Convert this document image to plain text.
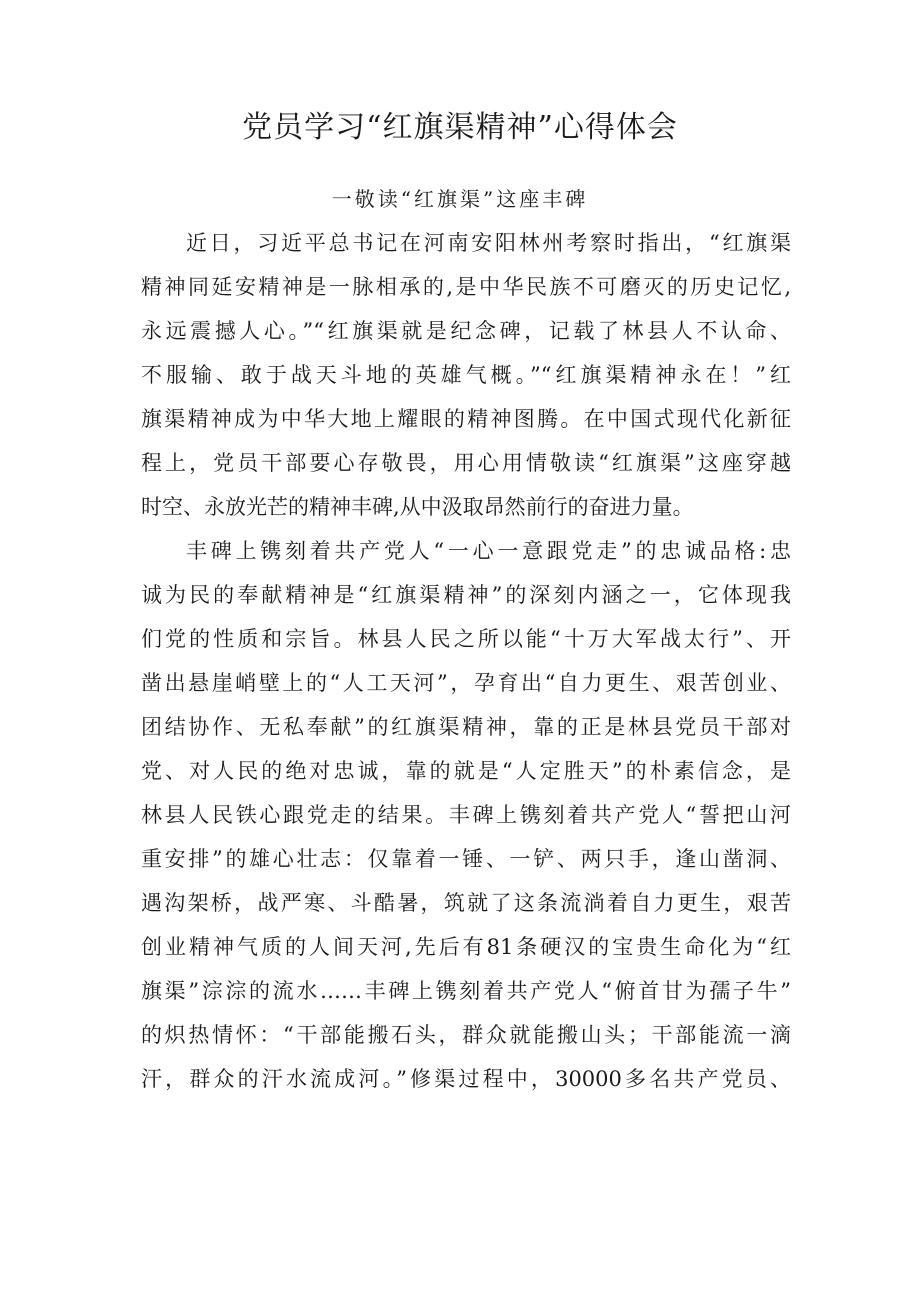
党员学习“红旗渠精神”心得体会
一敬读“红旗渠”这座丰碑
近日，习近平总书记在河南安阳林州考察时指出，“红旗渠
精神同延安精神是一脉相承的,是中华民族不可磨灭的历史记忆,
永远震撼人心。”“红旗渠就是纪念碑，记载了林县人不认命、
不服输、敢于战天斗地的英雄气概。”“红旗渠精神永在！”红
旗渠精神成为中华大地上耀眼的精神图腾。在中国式现代化新征
程上，党员干部要心存敬畏，用心用情敬读“红旗渠”这座穿越
时空、永放光芒的精神丰碑,从中汲取昂然前行的奋进力量。
丰碑上镌刻着共产党人“一心一意跟党走”的忠诚品格:忠
诚为民的奉献精神是“红旗渠精神”的深刻内涵之一，它体现我
们党的性质和宗旨。林县人民之所以能“十万大军战太行”、开
凿出悬崖峭壁上的“人工天河”，孕育出“自力更生、艰苦创业、
团结协作、无私奉献”的红旗渠精神，靠的正是林县党员干部对
党、对人民的绝对忠诚，靠的就是“人定胜天”的朴素信念，是
林县人民铁心跟党走的结果。丰碑上镌刻着共产党人“誓把山河
重安排”的雄心壮志：仅靠着一锤、一铲、两只手，逢山凿洞、
遇沟架桥，战严寒、斗酷暑，筑就了这条流淌着自力更生，艰苦
创业精神气质的人间天河,先后有81条硬汉的宝贵生命化为“红
旗渠”淙淙的流水……丰碑上镌刻着共产党人“俯首甘为孺子牛”
的炽热情怀：“干部能搬石头，群众就能搬山头；干部能流一滴
汗，群众的汗水流成河。”修渠过程中，30000多名共产党员、
